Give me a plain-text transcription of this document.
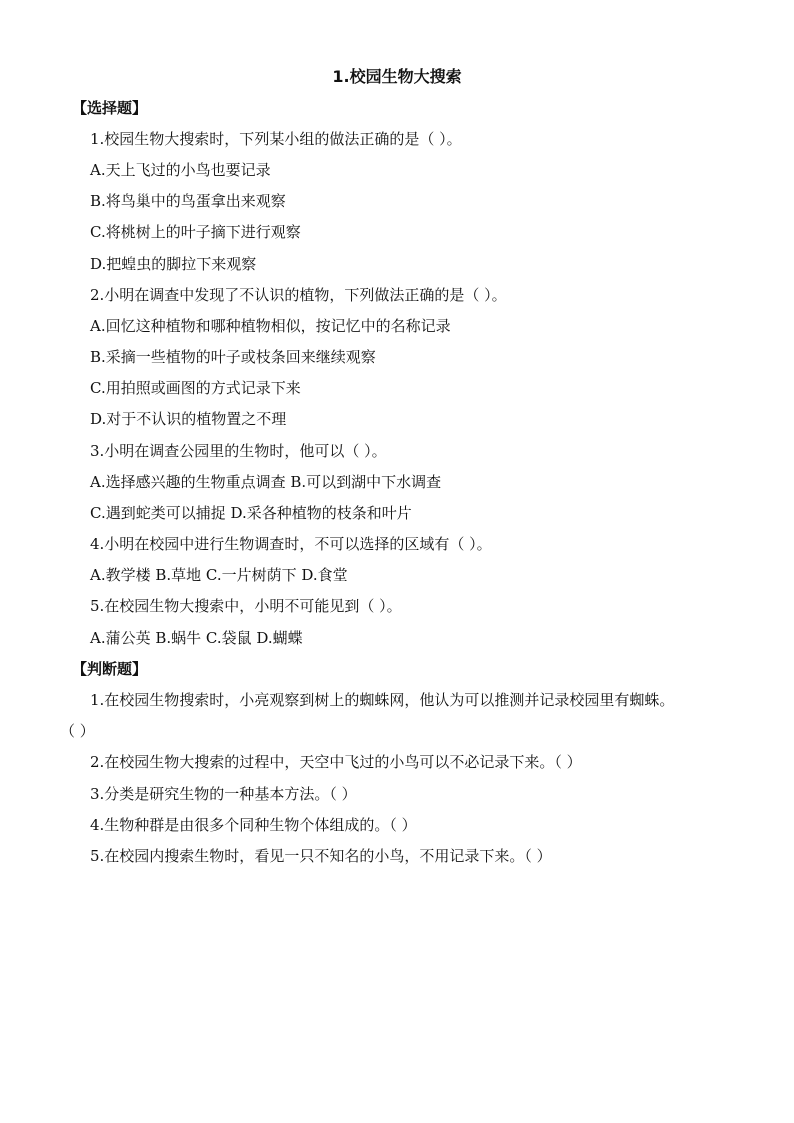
1.校园生物大搜索
【选择题】
1.校园生物大搜索时，下列某小组的做法正确的是（ ）。
A.天上飞过的小鸟也要记录
B.将鸟巢中的鸟蛋拿出来观察
C.将桃树上的叶子摘下进行观察
D.把蝗虫的脚拉下来观察
2.小明在调查中发现了不认识的植物，下列做法正确的是（ ）。
A.回忆这种植物和哪种植物相似，按记忆中的名称记录
B.采摘一些植物的叶子或枝条回来继续观察
C.用拍照或画图的方式记录下来
D.对于不认识的植物置之不理
3.小明在调查公园里的生物时，他可以（ ）。
A.选择感兴趣的生物重点调查 B.可以到湖中下水调查
C.遇到蛇类可以捕捉 D.采各种植物的枝条和叶片
4.小明在校园中进行生物调查时，不可以选择的区域有（ ）。
A.教学楼 B.草地 C.一片树荫下 D.食堂
5.在校园生物大搜索中，小明不可能见到（ ）。
A.蒲公英 B.蜗牛 C.袋鼠 D.蝴蝶
【判断题】
1.在校园生物搜索时，小亮观察到树上的蜘蛛网，他认为可以推测并记录校园里有蜘蛛。
（ ）
2.在校园生物大搜索的过程中，天空中飞过的小鸟可以不必记录下来。（ ）
3.分类是研究生物的一种基本方法。（ ）
4.生物种群是由很多个同种生物个体组成的。（ ）
5.在校园内搜索生物时，看见一只不知名的小鸟，不用记录下来。（ ）
